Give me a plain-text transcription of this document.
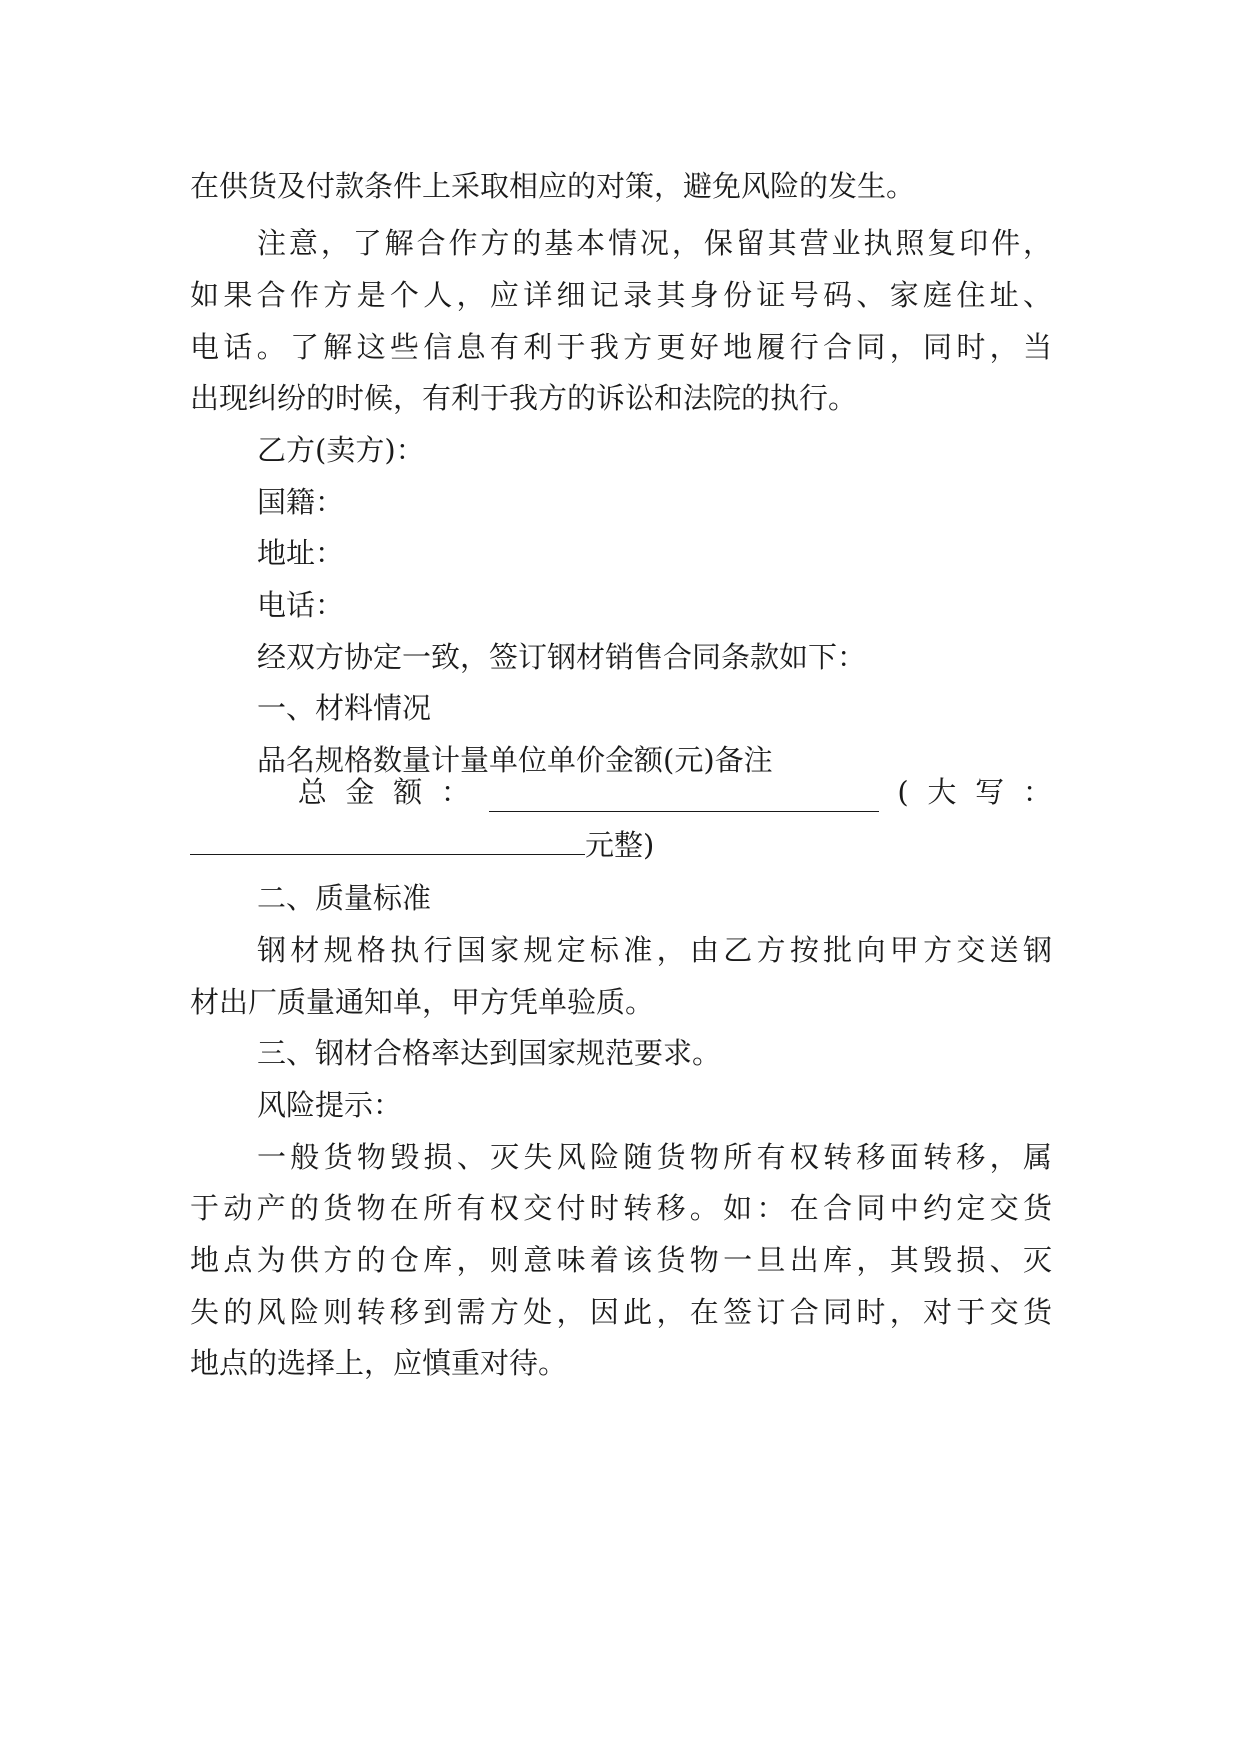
在供货及付款条件上采取相应的对策，避免风险的发生。
注意，了解合作方的基本情况，保留其营业执照复印件，
如果合作方是个人，应详细记录其身份证号码、家庭住址、
电话。了解这些信息有利于我方更好地履行合同，同时，当
出现纠纷的时候，有利于我方的诉讼和法院的执行。
乙方(卖方)：
国籍：
地址：
电话：
经双方协定一致，签订钢材销售合同条款如下：
一、材料情况
品名规格数量计量单位单价金额(元)备注
总 金 额 ：	( 大 写 ：
元整)
二、质量标准
钢材规格执行国家规定标准，由乙方按批向甲方交送钢
材出厂质量通知单，甲方凭单验质。
三、钢材合格率达到国家规范要求。
风险提示：
一般货物毁损、灭失风险随货物所有权转移面转移，属
于动产的货物在所有权交付时转移。如：在合同中约定交货
地点为供方的仓库，则意味着该货物一旦出库，其毁损、灭
失的风险则转移到需方处，因此，在签订合同时，对于交货
地点的选择上，应慎重对待。
